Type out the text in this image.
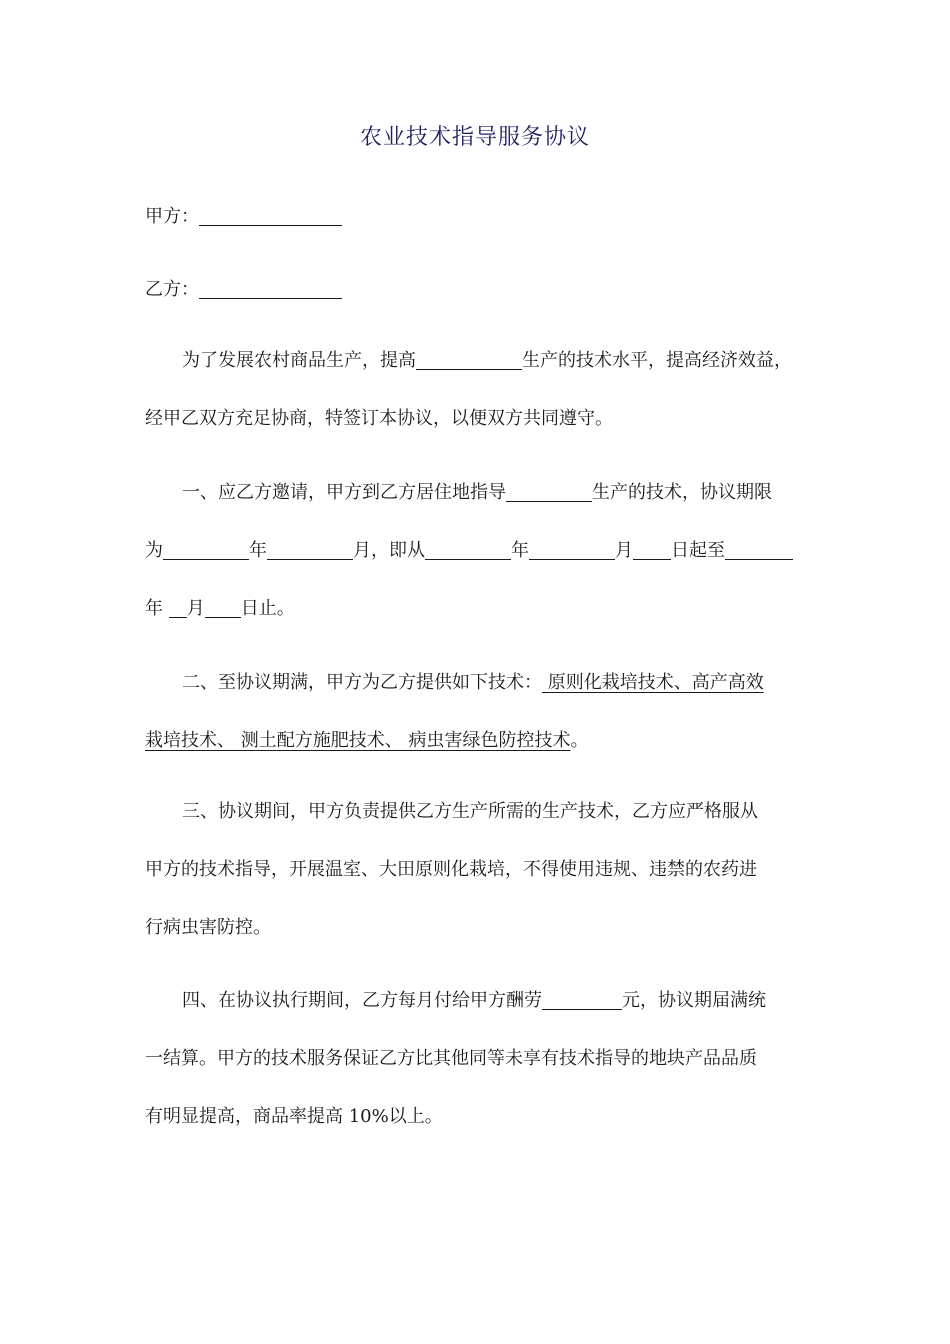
农业技术指导服务协议
甲方：
乙方：
为了发展农村商品生产，提高	生产的技术水平，提高经济效益，
经甲乙双方充足协商，特签订本协议，以便双方共同遵守。
一、应乙方邀请，甲方到乙方居住地指导	生产的技术，协议期限
为	年	月，即从	年	月 日起至
年 月 日止。
二、至协议期满，甲方为乙方提供如下技术： 原则化栽培技术、高产高效
栽培技术、 测土配方施肥技术、 病虫害绿色防控技术。
三、协议期间，甲方负责提供乙方生产所需的生产技术，乙方应严格服从
甲方的技术指导，开展温室、大田原则化栽培，不得使用违规、违禁的农药进
行病虫害防控。
四、在协议执行期间，乙方每月付给甲方酬劳	元，协议期届满统
一结算。甲方的技术服务保证乙方比其他同等未享有技术指导的地块产品品质
有明显提高，商品率提高 10%以上。
